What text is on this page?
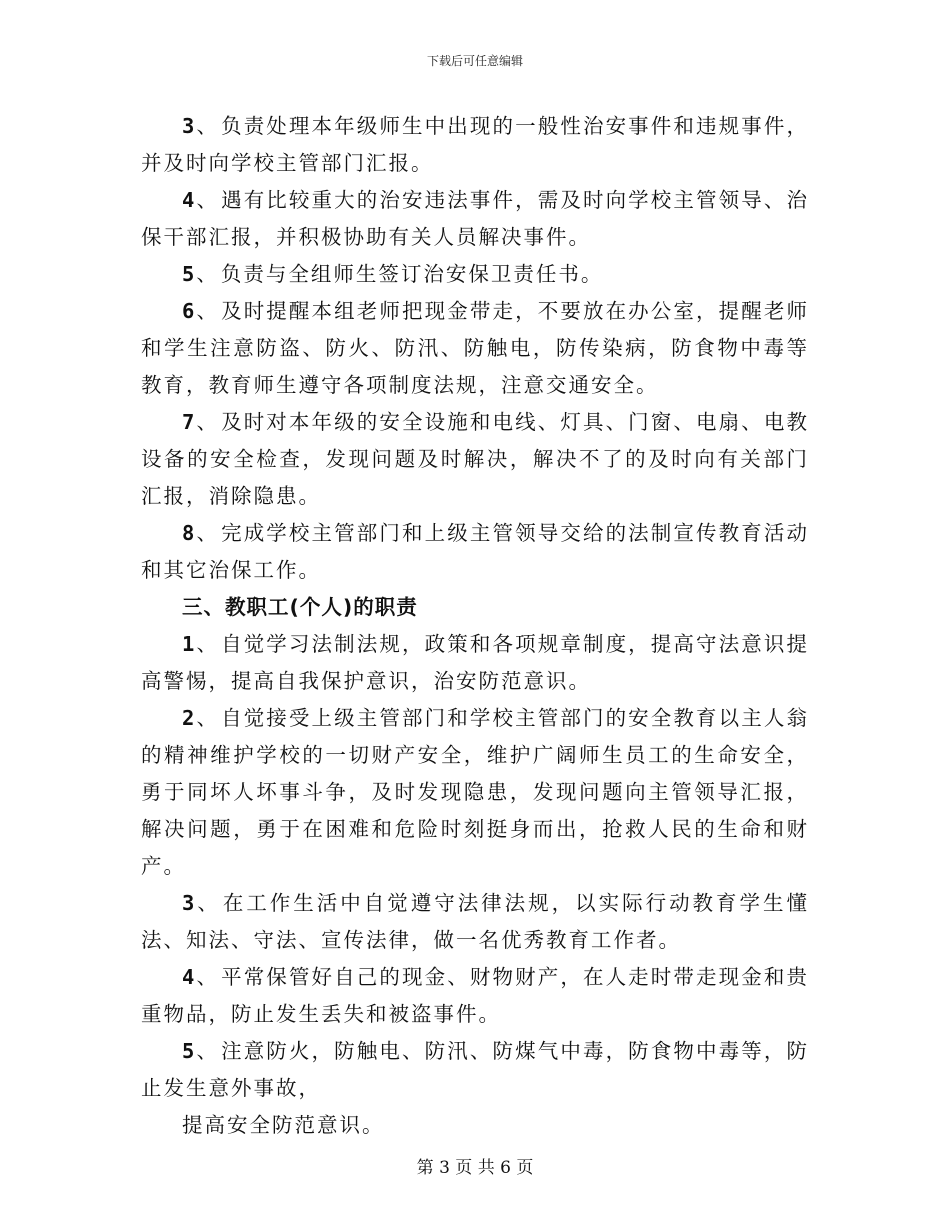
下载后可任意编辑

3、负责处理本年级师生中出现的一般性治安事件和违规事件，并及时向学校主管部门汇报。

4、遇有比较重大的治安违法事件，需及时向学校主管领导、治保干部汇报，并积极协助有关人员解决事件。

5、负责与全组师生签订治安保卫责任书。

6、及时提醒本组老师把现金带走，不要放在办公室，提醒老师和学生注意防盗、防火、防汛、防触电，防传染病，防食物中毒等教育，教育师生遵守各项制度法规，注意交通安全。

7、及时对本年级的安全设施和电线、灯具、门窗、电扇、电教设备的安全检查，发现问题及时解决，解决不了的及时向有关部门汇报，消除隐患。

8、完成学校主管部门和上级主管领导交给的法制宣传教育活动和其它治保工作。

三、教职工(个人)的职责

1、自觉学习法制法规，政策和各项规章制度，提高守法意识提高警惕，提高自我保护意识，治安防范意识。

2、自觉接受上级主管部门和学校主管部门的安全教育以主人翁的精神维护学校的一切财产安全，维护广阔师生员工的生命安全，勇于同坏人坏事斗争，及时发现隐患，发现问题向主管领导汇报，解决问题，勇于在困难和危险时刻挺身而出，抢救人民的生命和财产。

3、在工作生活中自觉遵守法律法规，以实际行动教育学生懂法、知法、守法、宣传法律，做一名优秀教育工作者。

4、平常保管好自己的现金、财物财产，在人走时带走现金和贵重物品，防止发生丢失和被盗事件。

5、注意防火，防触电、防汛、防煤气中毒，防食物中毒等，防止发生意外事故，

提高安全防范意识。

第 3 页 共 6 页
